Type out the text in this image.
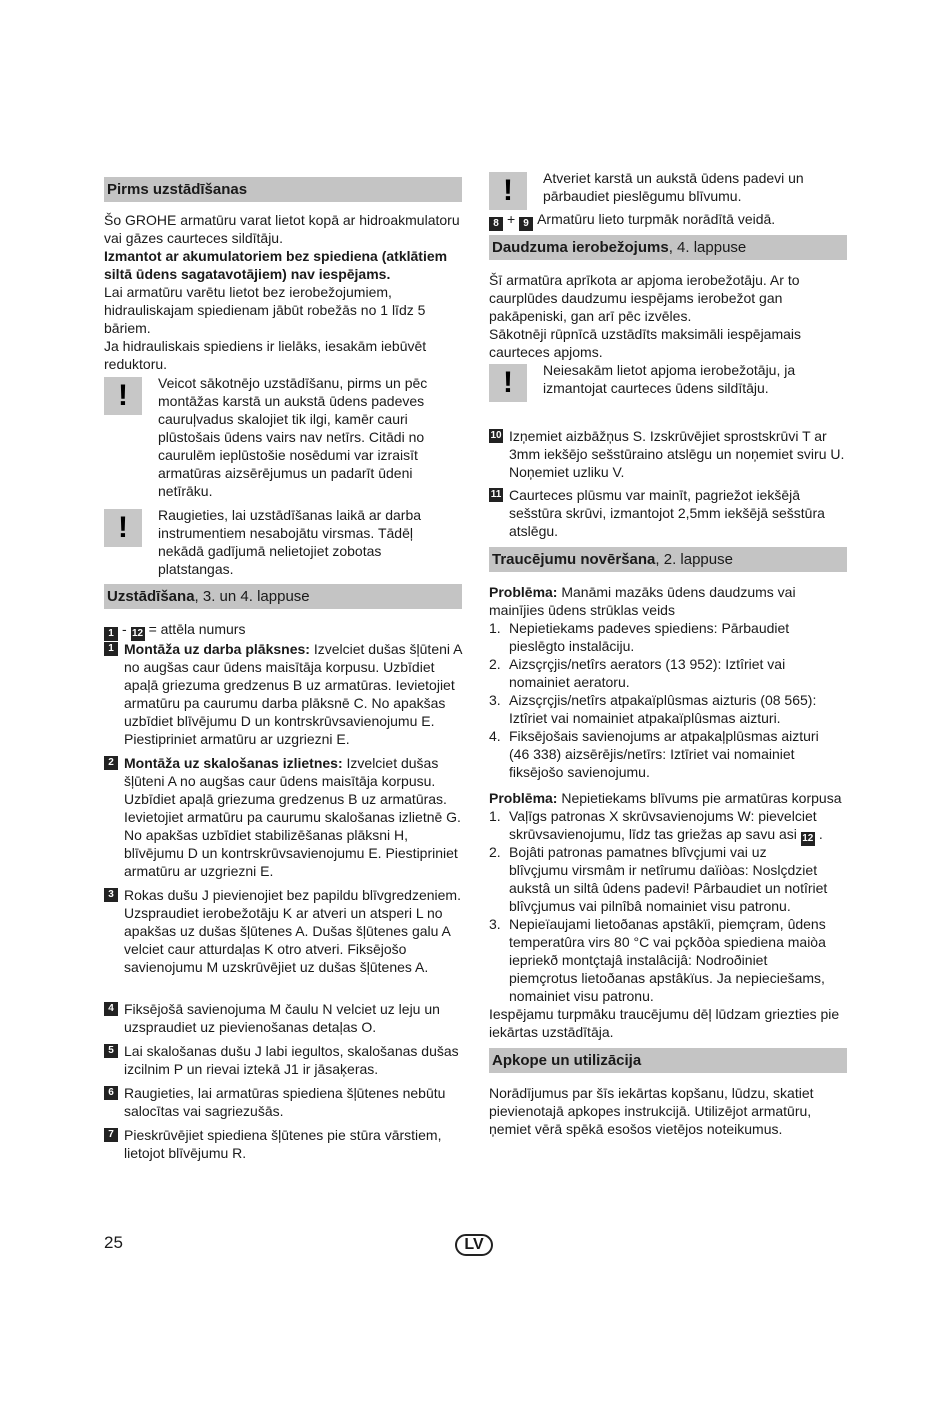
Pirms uzstādīšanas

Šo GROHE armatūru varat lietot kopā ar hidroakmulatoru vai gāzes caurteces sildītāju.

Izmantot ar akumulatoriem bez spiediena (atklātiem siltā ūdens sagatavotājiem) nav iespējams.

Lai armatūru varētu lietot bez ierobežojumiem, hidrauliskajam spiedienam jābūt robežās no 1 līdz 5 bāriem.

Ja hidrauliskais spiediens ir lielāks, iesakām iebūvēt reduktoru.

!	Veicot sākotnējo uzstādīšanu, pirms un pēc montāžas karstā un aukstā ūdens padeves cauruļvadus skalojiet tik ilgi, kamēr cauri plūstošais ūdens vairs nav netīrs. Citādi no caurulēm ieplūstošie nosēdumi var izraisīt armatūras aizsērējumus un padarīt ūdeni netīrāku.

!	Raugieties, lai uzstādīšanas laikā ar darba instrumentiem nesabojātu virsmas. Tādēļ nekādā gadījumā nelietojiet zobotas platstangas.

Uzstādīšana, 3. un 4. lappuse
1 - 12 = attēla numurs
1 Montāža uz darba plāksnes: Izvelciet dušas šļūteni A no augšas caur ūdens maisītāja korpusu. Uzbīdiet apaļā griezuma gredzenus B uz armatūras. Ievietojiet armatūru pa caurumu darba plāksnē C. No apakšas uzbīdiet blīvējumu D un kontrskrūvsavienojumu E. Piestipriniet armatūru ar uzgriezni E.
2 Montāža uz skalošanas izlietnes: Izvelciet dušas šļūteni A no augšas caur ūdens maisītāja korpusu. Uzbīdiet apaļā griezuma gredzenus B uz armatūras. Ievietojiet armatūru pa caurumu skalošanas izlietnē G. No apakšas uzbīdiet stabilizēšanas plāksni H, blīvējumu D un kontrskrūvsavienojumu E. Piestipriniet armatūru ar uzgriezni E.
3 Rokas dušu J pievienojiet bez papildu blīvgredzeniem. Uzspraudiet ierobežotāju K ar atveri un atsperi L no apakšas uz dušas šļūtenes A. Dušas šļūtenes galu A velciet caur atturdaļas K otro atveri. Fiksējošo savienojumu M uzskrūvējiet uz dušas šļūtenes A.
4 Fiksējošā savienojuma M čaulu N velciet uz leju un uzspraudiet uz pievienošanas detaļas O.
5 Lai skalošanas dušu J labi iegultos, skalošanas dušas izcilnim P un rievai iztekā J1 ir jāsaķeras.
6 Raugieties, lai armatūras spiediena šļūtenes nebūtu salocītas vai sagriezušās.
7 Pieskrūvējiet spiediena šļūtenes pie stūra vārstiem, lietojot blīvējumu R.
!	Atveriet karstā un aukstā ūdens padevi un pārbaudiet pieslēgumu blīvumu.

8 + 9 Armatūru lieto turpmāk norādītā veidā.
Daudzuma ierobežojums, 4. lappuse

Šī armatūra aprīkota ar apjoma ierobežotāju. Ar to caurplūdes daudzumu iespējams ierobežot gan pakāpeniski, gan arī pēc izvēles.

Sākotnēji rūpnīcā uzstādīts maksimāli iespējamais caurteces apjoms.

!	Neiesakām lietot apjoma ierobežotāju, ja izmantojat caurteces ūdens sildītāju.

10 Izņemiet aizbāžņus S. Izskrūvējiet sprostskrūvi T ar 3mm iekšējo sešstūraino atslēgu un noņemiet sviru U. Noņemiet uzliku V.
11 Caurteces plūsmu var mainīt, pagriežot iekšējā sešstūra skrūvi, izmantojot 2,5mm iekšējā sešstūra atslēgu.
Traucējumu novēršana, 2. lappuse
Problēma: Manāmi mazāks ūdens daudzums vai mainījies ūdens strūklas veids
1. Nepietiekams padeves spiediens: Pārbaudiet pieslēgto instalāciju.
2. Aizsçrçjis/netîrs aerators (13 952): Iztîriet vai nomainiet aeratoru.
3. Aizsçrçjis/netîrs atpakaïplûsmas aizturis (08 565): Iztîriet vai nomainiet atpakaïplûsmas aizturi.
4. Fiksējošais savienojums ar atpakaļplūsmas aizturi (46 338) aizsērējis/netīrs: Iztīriet vai nomainiet fiksējošo savienojumu.
Problēma: Nepietiekams blīvums pie armatūras korpusa
1. Vaļīgs patronas X skrūvsavienojums W: pievelciet skrūvsavienojumu, līdz tas griežas ap savu asi 12 .
2. Bojâti patronas pamatnes blîvçjumi vai uz blîvçjumu virsmâm ir netîrumu daïiòas: Noslçdziet aukstâ un siltâ ûdens padevi! Pârbaudiet un notîriet blîvçjumus vai pilnîbâ nomainiet visu patronu.
3. Nepieïaujami lietoðanas apstâkïi, piemçram, ûdens temperatûra virs 80 °C vai pçkðòa spiediena maiòa iepriekð montçtajâ instalâcijâ: Nodroðiniet piemçrotus lietoðanas apstâkïus. Ja nepieciešams, nomainiet visu patronu.

Iespējamu turpmāku traucējumu dēļ lūdzam griezties pie iekārtas uzstādītāja.

Apkope un utilizācija

Norādījumus par šīs iekārtas kopšanu, lūdzu, skatiet pievienotajā apkopes instrukcijā. Utilizējot armatūru, ņemiet vērā spēkā esošos vietējos noteikumus.

25	LV
